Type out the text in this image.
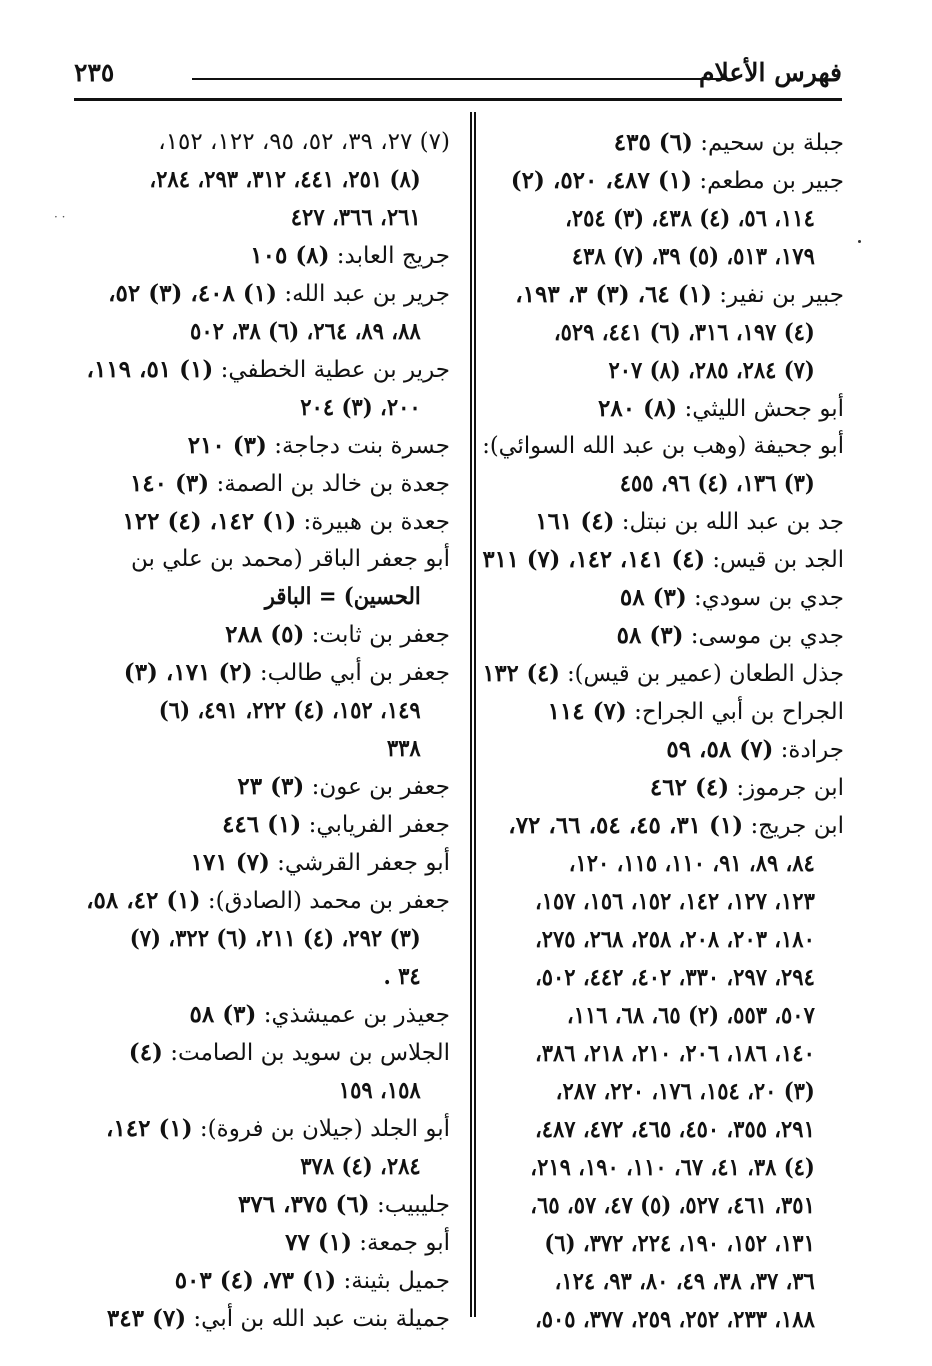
فهرس الأعلام
٢٣٥
جبلة بن سحيم: (٦) ٤٣٥
جبير بن مطعم: (١) ٤٨٧، ٥٢٠، (٢)
١١٤، ٥٦، (٤) ٤٣٨، (٣) ٢٥٤،
١٧٩، ٥١٣، (٥) ٣٩، (٧) ٤٣٨
جبير بن نفير: (١) ٦٤، (٣) ٣، ١٩٣،
(٤) ١٩٧، ٣١٦، (٦) ٤٤١، ٥٢٩،
(٧) ٢٨٤، ٢٨٥، (٨) ٢٠٧
أبو جحش الليثي: (٨) ٢٨٠
أبو جحيفة (وهب بن عبد الله السوائي):
(٣) ١٣٦، (٤) ٩٦، ٤٥٥
جد بن عبد الله بن نبتل: (٤) ١٦١
الجد بن قيس: (٤) ١٤١، ١٤٢، (٧) ٣١١
جدي بن سودي: (٣) ٥٨
جدي بن موسى: (٣) ٥٨
جذل الطعان (عمير بن قيس): (٤) ١٣٢
الجراح بن أبي الجراح: (٧) ١١٤
جرادة: (٧) ٥٨، ٥٩
ابن جرموز: (٤) ٤٦٢
ابن جريج: (١) ٣١، ٤٥، ٥٤، ٦٦، ٧٢،
٨٤، ٨٩، ٩١، ١١٠، ١١٥، ١٢٠،
١٢٣، ١٢٧، ١٤٢، ١٥٢، ١٥٦، ١٥٧،
١٨٠، ٢٠٣، ٢٠٨، ٢٥٨، ٢٦٨، ٢٧٥،
٢٩٤، ٢٩٧، ٣٣٠، ٤٠٢، ٤٤٢، ٥٠٢،
٥٠٧، ٥٥٣، (٢) ٦٥، ٦٨، ١١٦،
١٤٠، ١٨٦، ٢٠٦، ٢١٠، ٢١٨، ٣٨٦،
(٣) ٢٠، ١٥٤، ١٧٦، ٢٢٠، ٢٨٧،
٢٩١، ٣٥٥، ٤٥٠، ٤٦٥، ٤٧٢، ٤٨٧،
(٤) ٣٨، ٤١، ٦٧، ١١٠، ١٩٠، ٢١٩،
٣٥١، ٤٦١، ٥٢٧، (٥) ٤٧، ٥٧، ٦٥،
١٣١، ١٥٢، ١٩٠، ٢٢٤، ٣٧٢، (٦)
٣٦، ٣٧، ٣٨، ٤٩، ٨٠، ٩٣، ١٢٤،
١٨٨، ٢٣٣، ٢٥٢، ٢٥٩، ٣٧٧، ٥٠٥،
(٧) ٢٧، ٣٩، ٥٢، ٩٥، ١٢٢، ١٥٢،
(٨) ٢٥١، ٤٤١، ٣١٢، ٢٩٣، ٢٨٤،
٢٦١، ٣٦٦، ٤٢٧
جريج العابد: (٨) ١٠٥
جرير بن عبد الله: (١) ٤٠٨، (٣) ٥٢،
٨٨، ٨٩، ٢٦٤، (٦) ٣٨، ٥٠٢
جرير بن عطية الخطفي: (١) ٥١، ١١٩،
٢٠٠، (٣) ٢٠٤
جسرة بنت دجاجة: (٣) ٢١٠
جعدة بن خالد بن الصمة: (٣) ١٤٠
جعدة بن هبيرة: (١) ١٤٢، (٤) ١٢٢
أبو جعفر الباقر (محمد بن علي بن
الحسين) = الباقر
جعفر بن ثابت: (٥) ٢٨٨
جعفر بن أبي طالب: (٢) ١٧١، (٣)
١٤٩، ١٥٢، (٤) ٢٢٢، ٤٩١، (٦)
٣٣٨
جعفر بن عون: (٣) ٢٣
جعفر الفريابي: (١) ٤٤٦
أبو جعفر القرشي: (٧) ١٧١
جعفر بن محمد (الصادق): (١) ٤٢، ٥٨،
(٣) ٢٩٢، (٤) ٢١١، (٦) ٣٢٢، (٧)
٣٤ .
جعيذر بن عميشذي: (٣) ٥٨
الجلاس بن سويد بن الصامت: (٤)
١٥٨، ١٥٩
أبو الجلد (جيلان بن فروة): (١) ١٤٢،
٢٨٤، (٤) ٣٧٨
جليبيب: (٦) ٣٧٥، ٣٧٦
أبو جمعة: (١) ٧٧
جميل بثينة: (١) ٧٣، (٤) ٥٠٣
جميلة بنت عبد الله بن أبي: (٧) ٣٤٣
· ·
